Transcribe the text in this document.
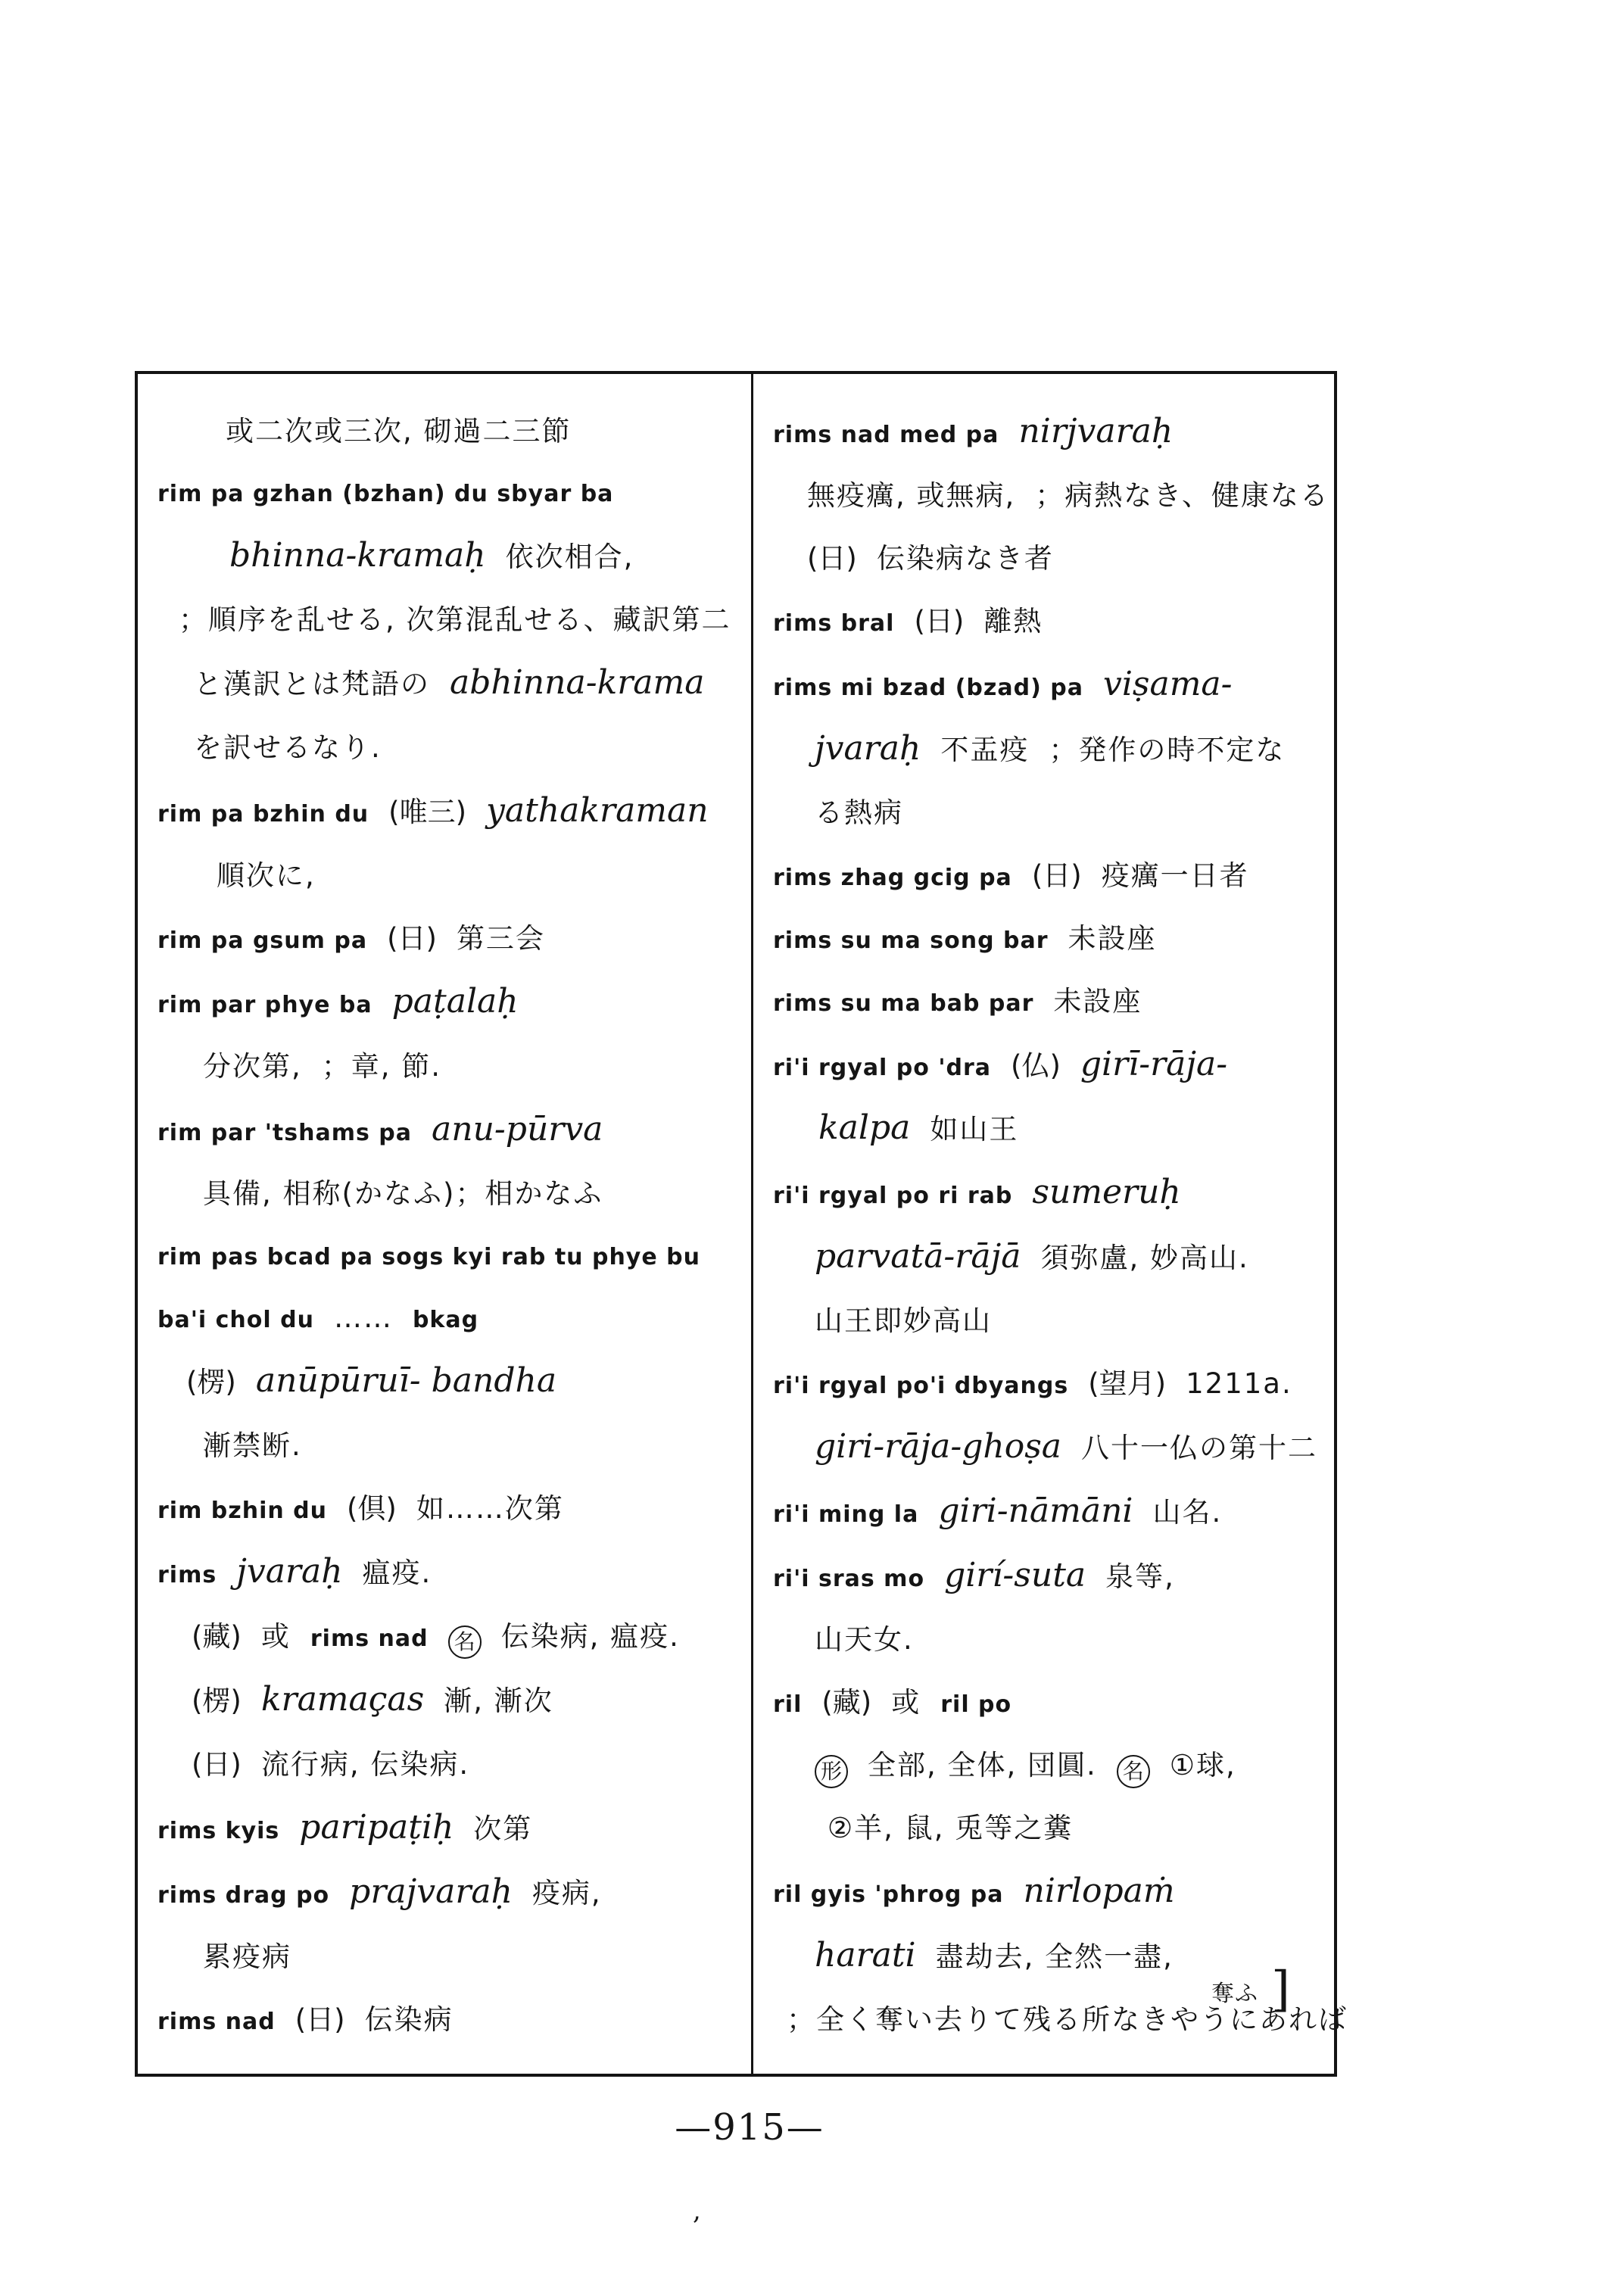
或二次或三次, 砌過二三節
rim pa gzhan (bzhan) du sbyar ba
bhinna-kramaḥ 依次相合,
；順序を乱せる, 次第混乱せる、藏訳第二
と漢訳とは梵語の abhinna-krama
を訳せるなり.
rim pa bzhin du (唯三) yathakraman
順次に,
rim pa gsum pa (日) 第三会
rim par phye ba paṭalaḥ
分次第, ；章, 節.
rim par 'tshams pa anu-pūrva
具備, 相称(かなふ)；相かなふ
rim pas bcad pa sogs kyi rab tu phye bu
ba'i chol du …… bkag
(楞) anūpūruī- bandha
漸禁断.
rim bzhin du (倶) 如……次第
rims jvaraḥ 瘟疫.
(藏) 或 rims nad 名 伝染病, 瘟疫.
(楞) kramaças 漸, 漸次
(日) 流行病, 伝染病.
rims kyis paripaṭiḥ 次第
rims drag po prajvaraḥ 疫病,
累疫病
rims nad (日) 伝染病
rims nad med pa nirjvaraḥ
無疫癘, 或無病, ；病熱なき、健康なる
(日) 伝染病なき者
rims bral (日) 離熱
rims mi bzad (bzad) pa viṣama-
jvaraḥ 不盂疫 ；発作の時不定な
る熱病
rims zhag gcig pa (日) 疫癘一日者
rims su ma song bar 未設座
rims su ma bab par 未設座
ri'i rgyal po 'dra (仏) girī-rāja-
kalpa 如山王
ri'i rgyal po ri rab sumeruḥ
parvatā-rājā 須弥盧, 妙高山.
山王即妙高山
ri'i rgyal po'i dbyangs (望月) 1211a.
giri-rāja-ghoṣa 八十一仏の第十二
ri'i ming la giri-nāmāni 山名.
ri'i sras mo girí-suta 泉等,
山天女.
ril (藏) 或 ril po
形 全部, 全体, 団圓. 名 ①球,
②羊, 鼠, 兎等之糞
ril gyis 'phrog pa nirlopaṁ
harati 盡劫去, 全然一盡,
；全く奪い去りて残る所なきやうにあれば
奪ふ ]
—915—
,
